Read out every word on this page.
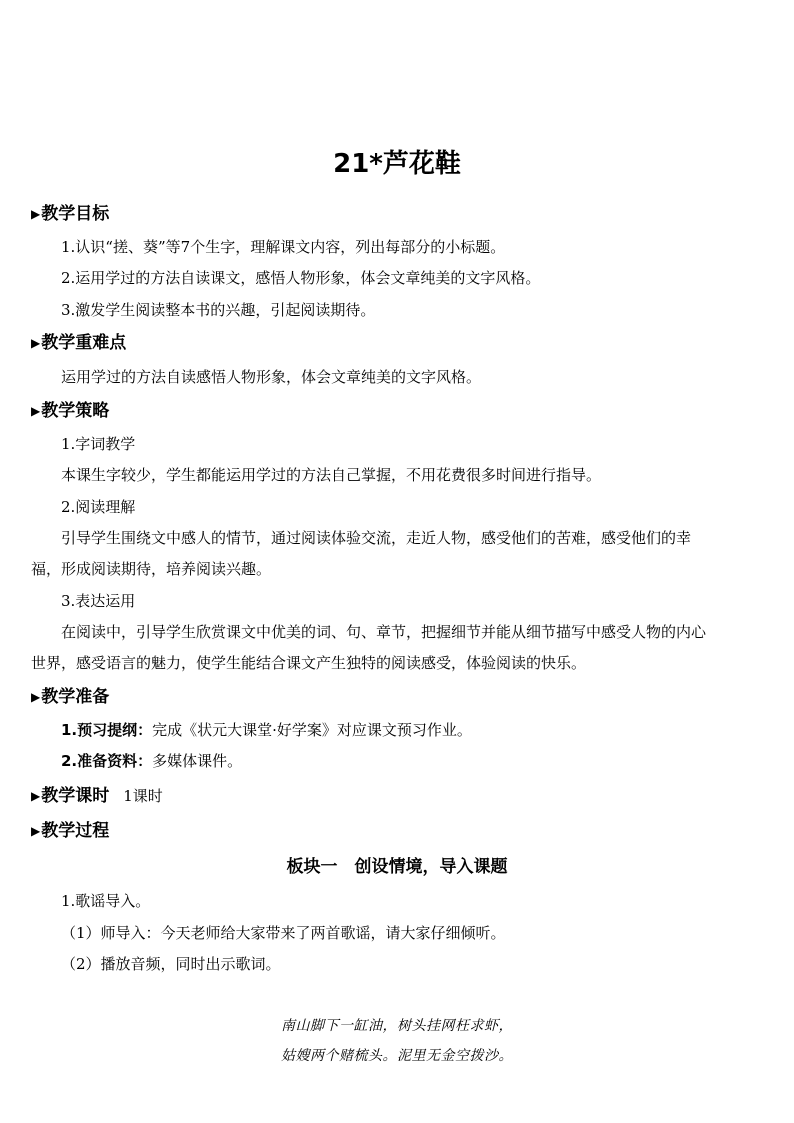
21*芦花鞋
▶教学目标
1.认识“搓、葵”等7个生字，理解课文内容，列出每部分的小标题。
2.运用学过的方法自读课文，感悟人物形象，体会文章纯美的文字风格。
3.激发学生阅读整本书的兴趣，引起阅读期待。
▶教学重难点
运用学过的方法自读感悟人物形象，体会文章纯美的文字风格。
▶教学策略
1.字词教学
本课生字较少，学生都能运用学过的方法自己掌握，不用花费很多时间进行指导。
2.阅读理解
引导学生围绕文中感人的情节，通过阅读体验交流，走近人物，感受他们的苦难，感受他们的幸
福，形成阅读期待，培养阅读兴趣。
3.表达运用
在阅读中，引导学生欣赏课文中优美的词、句、章节，把握细节并能从细节描写中感受人物的内心
世界，感受语言的魅力，使学生能结合课文产生独特的阅读感受，体验阅读的快乐。
▶教学准备
1.预习提纲：完成《状元大课堂·好学案》对应课文预习作业。
2.准备资料：多媒体课件。
▶教学课时 1课时
▶教学过程
板块一　创设情境，导入课题
1.歌谣导入。
（1）师导入：今天老师给大家带来了两首歌谣，请大家仔细倾听。
（2）播放音频，同时出示歌词。
南山脚下一缸油，树头挂网枉求虾，
姑嫂两个赌梳头。泥里无金空拨沙。
